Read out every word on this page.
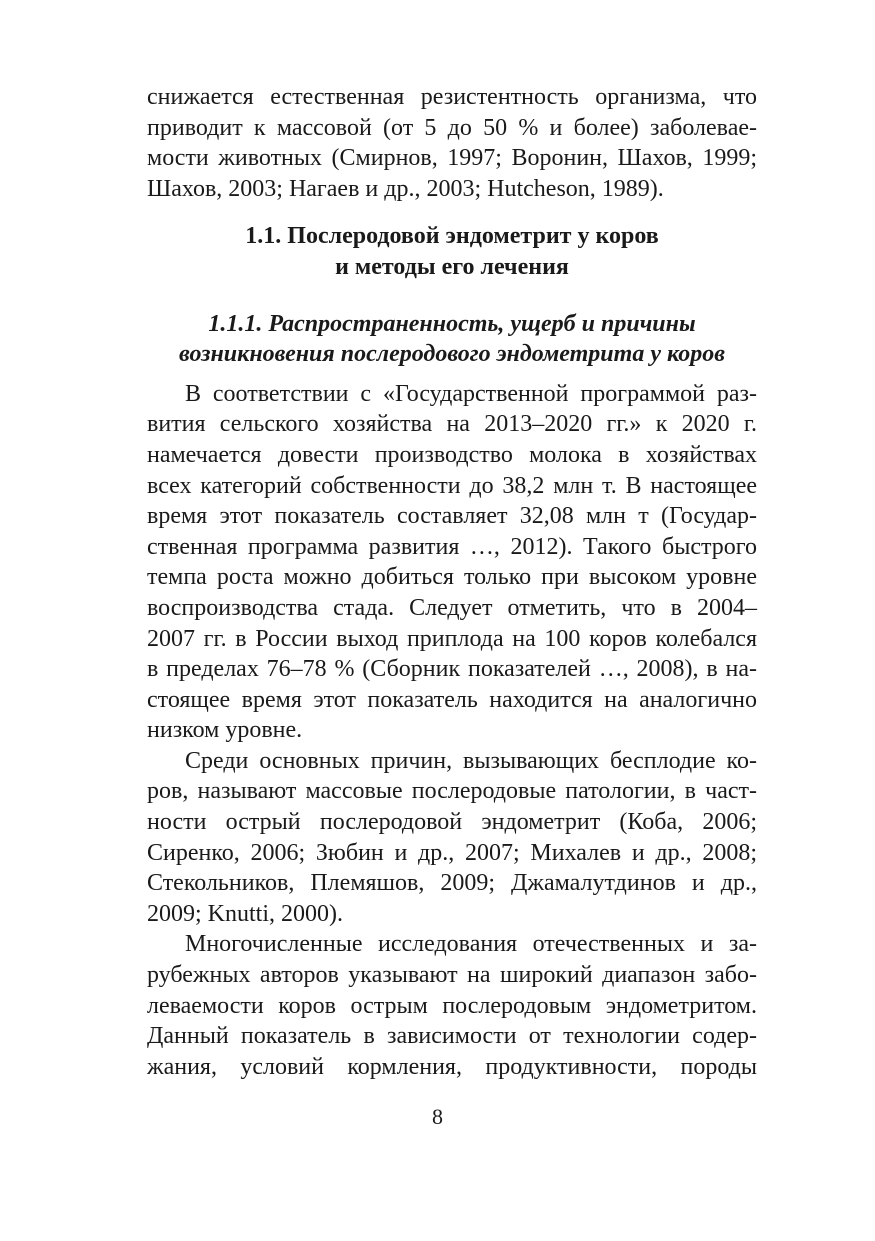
снижается естественная резистентность организма, что
приводит к массовой (от 5 до 50 % и более) заболевае-
мости животных (Смирнов, 1997; Воронин, Шахов, 1999;
Шахов, 2003; Нагаев и др., 2003; Hutcheson, 1989).
1.1. Послеродовой эндометрит у коров
и методы его лечения
1.1.1. Распространенность, ущерб и причины
возникновения послеродового эндометрита у коров
В соответствии с «Государственной программой раз-
вития сельского хозяйства на 2013–2020 гг.» к 2020 г.
намечается довести производство молока в хозяйствах
всех категорий собственности до 38,2 млн т. В настоящее
время этот показатель составляет 32,08 млн т (Государ-
ственная программа развития …, 2012). Такого быстрого
темпа роста можно добиться только при высоком уровне
воспроизводства стада. Следует отметить, что в 2004–
2007 гг. в России выход приплода на 100 коров колебался
в пределах 76–78 % (Сборник показателей …, 2008), в на-
стоящее время этот показатель находится на аналогично
низком уровне.
Среди основных причин, вызывающих бесплодие ко-
ров, называют массовые послеродовые патологии, в част-
ности острый послеродовой эндометрит (Коба, 2006;
Сиренко, 2006; Зюбин и др., 2007; Михалев и др., 2008;
Стекольников, Племяшов, 2009; Джамалутдинов и др.,
2009; Knutti, 2000).
Многочисленные исследования отечественных и за-
рубежных авторов указывают на широкий диапазон забо-
леваемости коров острым послеродовым эндометритом.
Данный показатель в зависимости от технологии содер-
жания, условий кормления, продуктивности, породы
8
